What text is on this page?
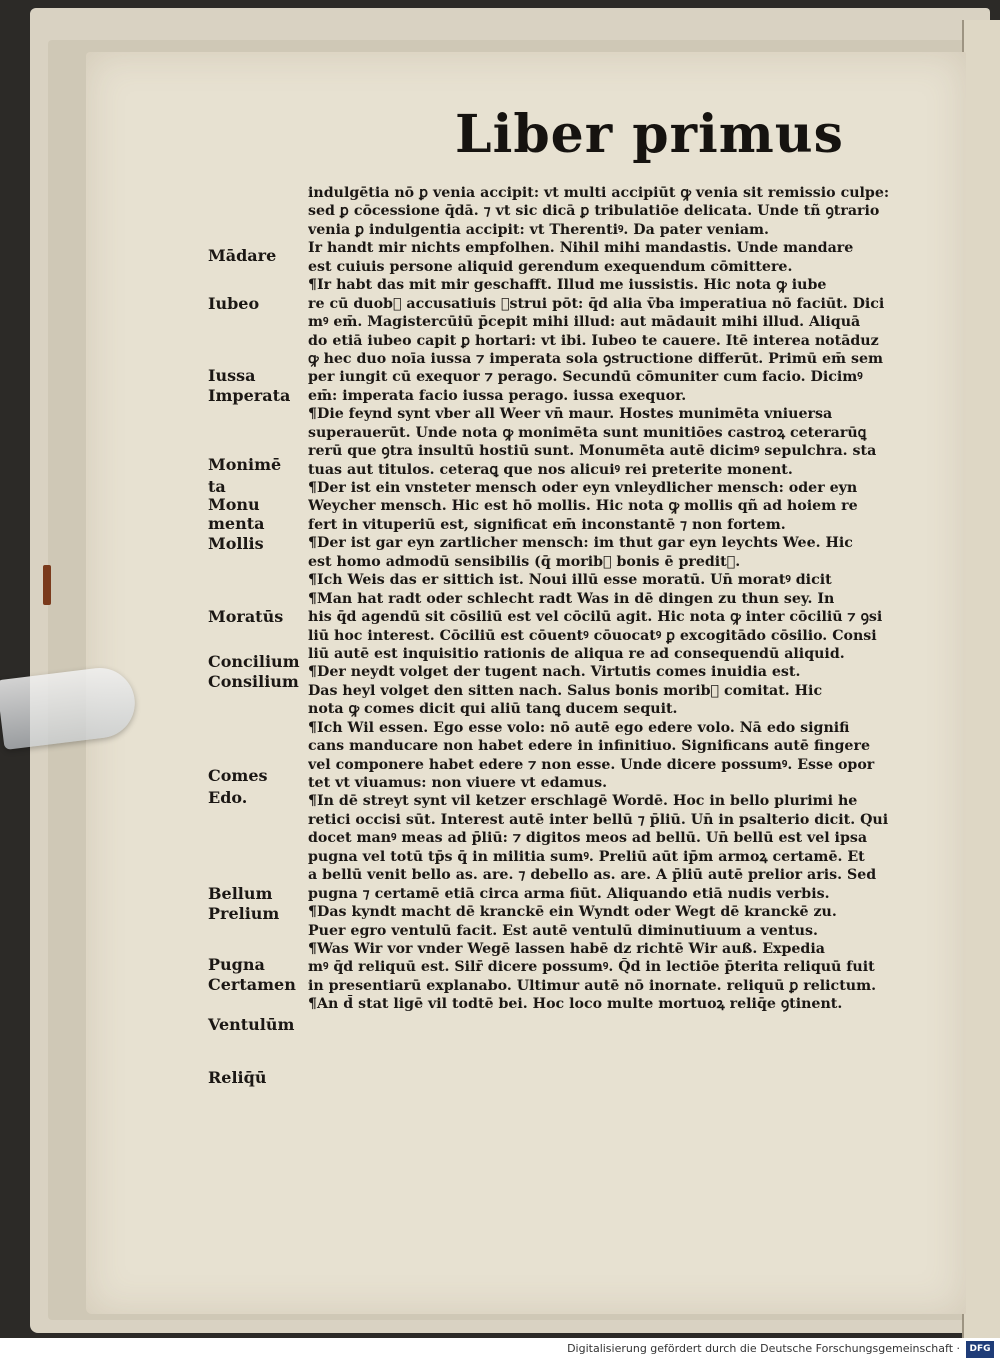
Liber primus
indulgētia nō ꝑ venia accipit: vt multi accipiūt ꝙ venia sit remissio culpe:
sed ꝑ cōcessione q̄dā. ⁊ vt sic dicā ꝑ tribulatiōe delicata. Unde tñ ꝯtrario
venia ꝑ indulgentia accipit: vt Therentiꝰ. Da pater veniam.
Ir handt mir nichts empfolhen. Nihil mihi mandastis. Unde mandare
est cuiuis persone aliquid gerendum exequendum cōmittere.
¶Ir habt das mit mir geschafft. Illud me iussistis. Hic nota ꝙ iube
re cū duob᷑ accusatiuis ꝯstrui pōt: q̄d alia v̄ba imperatiua nō faciūt. Dici
mꝰ em̄. Magistercūiū p̄cepit mihi illud: aut mādauit mihi illud. Aliquā
do etiā iubeo capit ꝑ hortari: vt ibi. Iubeo te cauere. Itē interea notāduz
ꝙ hec duo noīa iussa ⁊ imperata sola ꝯstructione differūt. Primū em̄ sem
per iungit cū exequor ⁊ perago. Secundū cōmuniter cum facio. Dicimꝰ
em̄: imperata facio iussa perago. iussa exequor.
¶Die feynd synt vber all Weer vn̄ maur. Hostes munimēta vniuersa
superauerūt. Unde nota ꝙ monimēta sunt munitiōes castroꝝ ceterarūꝗ
rerū que ꝯtra insultū hostiū sunt. Monumēta autē dicimꝰ sepulchra. sta
tuas aut titulos. ceteraꝗ que nos alicuiꝰ rei preterite monent.
¶Der ist ein vnsteter mensch oder eyn vnleydlicher mensch: oder eyn
Weycher mensch. Hic est hō mollis. Hic nota ꝙ mollis qñ ad hoiem re
fert in vituperiū est, significat em̄ inconstantē ⁊ non fortem.
¶Der ist gar eyn zartlicher mensch: im thut gar eyn leychts Wee. Hic
est homo admodū sensibilis (q̄ morib᷑ bonis ē predit᷑.
¶Ich Weis das er sittich ist. Noui illū esse moratū. Un̄ moratꝰ dicit
¶Man hat radt oder schlecht radt Was in dē dingen zu thun sey. In
his q̄d agendū sit cōsiliū est vel cōcilū agit. Hic nota ꝙ inter cōciliū ⁊ ꝯsi
liū hoc interest. Cōciliū est cōuentꝰ cōuocatꝰ ꝑ excogitādo cōsilio. Consi
liū autē est inquisitio rationis de aliqua re ad consequendū aliquid.
¶Der neydt volget der tugent nach. Virtutis comes inuidia est.
Das heyl volget den sitten nach. Salus bonis morib᷑ comitat. Hic
nota ꝙ comes dicit qui aliū tanꝗ ducem sequit.
¶Ich Wil essen. Ego esse volo: nō autē ego edere volo. Nā edo signifi
cans manducare non habet edere in infinitiuo. Significans autē fingere
vel componere habet edere ⁊ non esse. Unde dicere possumꝰ. Esse opor
tet vt viuamus: non viuere vt edamus.
¶In dē streyt synt vil ketzer erschlagē Wordē. Hoc in bello plurimi he
retici occisi sūt. Interest autē inter bellū ⁊ p̄liū. Un̄ in psalterio dicit. Qui
docet manꝰ meas ad p̄liū: ⁊ digitos meos ad bellū. Un̄ bellū est vel ipsa
pugna vel totū tp̄s q̄ in militia sumꝰ. Preliū aūt ip̄m armoꝝ certamē. Et
a bellū venit bello as. are. ⁊ debello as. are. A p̄liū autē prelior aris. Sed
pugna ⁊ certamē etiā circa arma fiūt. Aliquando etiā nudis verbis.
¶Das kyndt macht dē kranckē ein Wyndt oder Wegt dē kranckē zu.
Puer egro ventulū facit. Est autē ventulū diminutiuum a ventus.
¶Was Wir vor vnder Wegē lassen habē dz richtē Wir auß. Expedia
mꝰ q̄d reliquū est. Silr̄ dicere possumꝰ. Q̄d in lectiōe p̄terita reliquū fuit
in presentiarū explanabo. Ultimur autē nō inornate. reliquū ꝑ relictum.
¶An d̄ stat ligē vil todtē bei. Hoc loco multe mortuoꝝ reliq̄e ꝯtinent.
Mādare
Iubeo
Iussa
Imperata
Monimē
ta
Monu
menta
Mollis
Moratūs
Concilium
Consilium
Comes
Edo.
Bellum
Prelium
Pugna
Certamen
Ventulūm
Reliq̄ū
Digitalisierung gefördert durch die Deutsche Forschungsgemeinschaft ·	DFG
